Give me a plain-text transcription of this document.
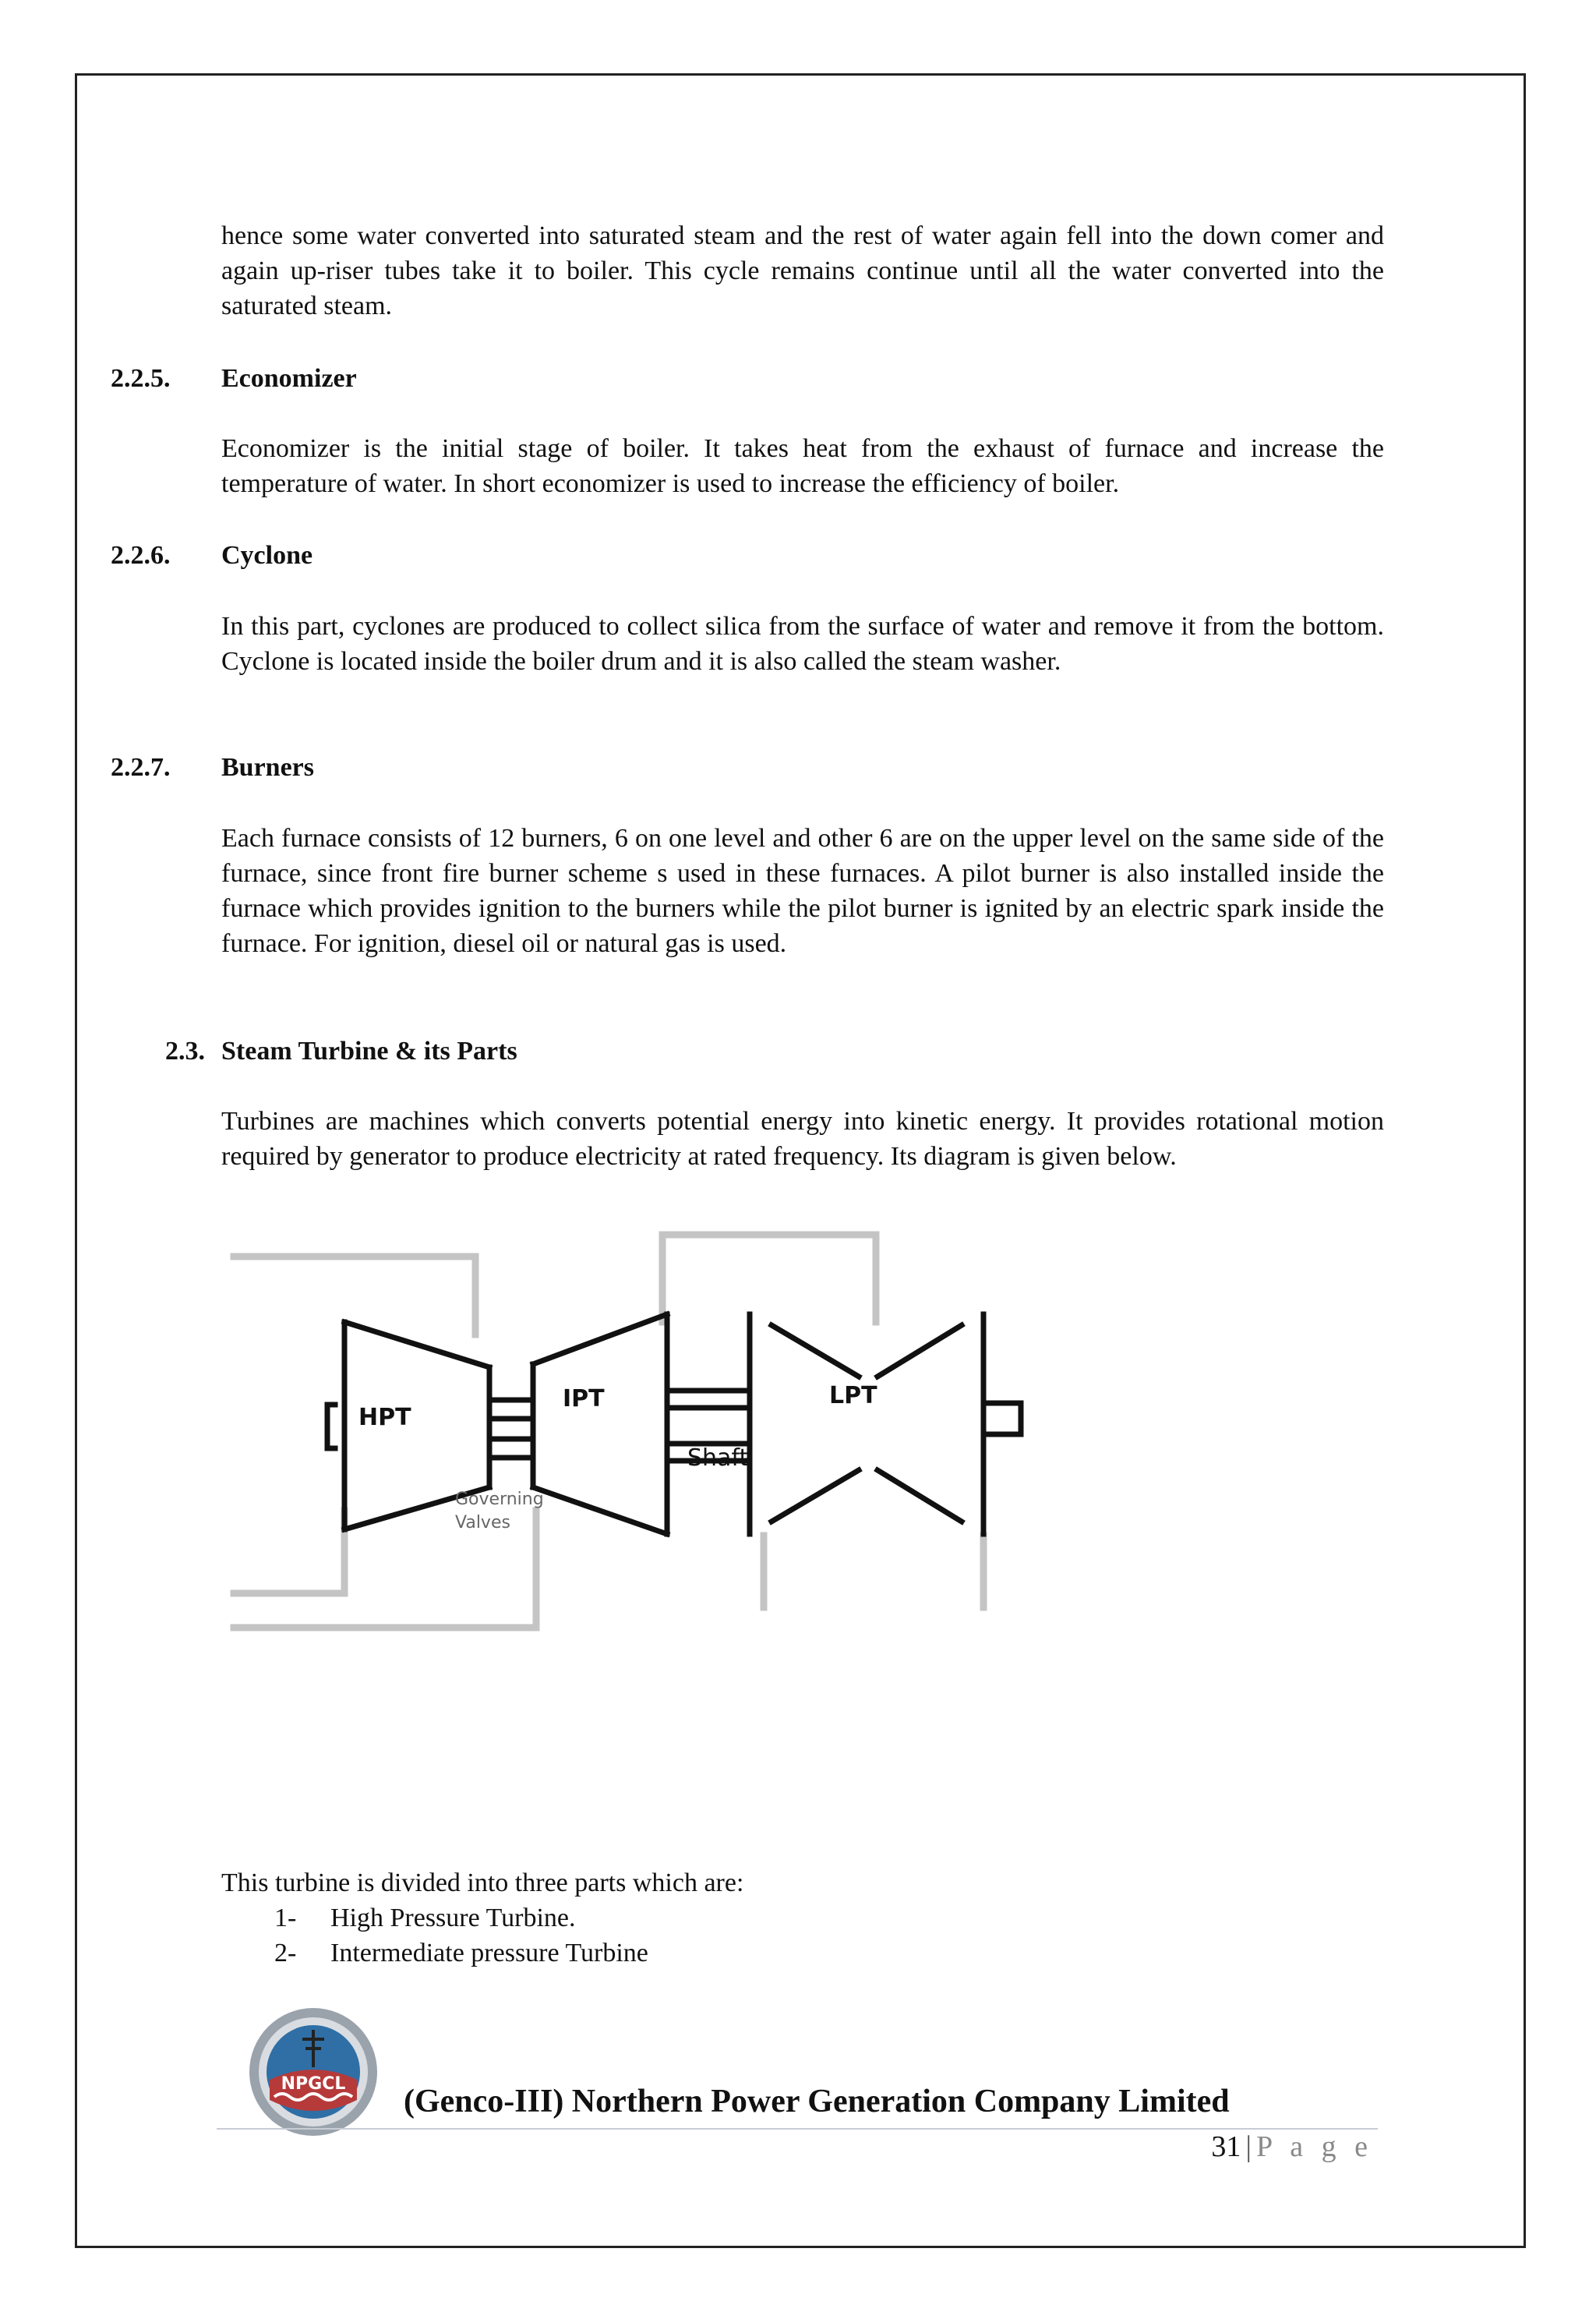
hence some water converted into saturated steam and the rest of water again fell into the down comer and again up-riser tubes take it to boiler. This cycle remains continue until all the water converted into the saturated steam.

2.2.5. Economizer

Economizer is the initial stage of boiler. It takes heat from the exhaust of furnace and increase the temperature of water. In short economizer is used to increase the efficiency of boiler.

2.2.6. Cyclone

In this part, cyclones are produced to collect silica from the surface of water and remove it from the bottom. Cyclone is located inside the boiler drum and it is also called the steam washer.

2.2.7. Burners

Each furnace consists of 12 burners, 6 on one level and other 6 are on the upper level on the same side of the furnace, since front fire burner scheme s used in these furnaces. A pilot burner is also installed inside the furnace which provides ignition to the burners while the pilot burner is ignited by an electric spark inside the furnace. For ignition, diesel oil or natural gas is used.

2.3. Steam Turbine & its Parts

Turbines are machines which converts potential energy into kinetic energy. It provides rotational motion required by generator to produce electricity at rated frequency. Its diagram is given below.

HPT
IPT	LPT
Shaft
Governing
Valves

This turbine is divided into three parts which are:

1- High Pressure Turbine.
2- Intermediate pressure Turbine
NPGCL (Genco-III) Northern Power Generation Company Limited
31 | P a g e
